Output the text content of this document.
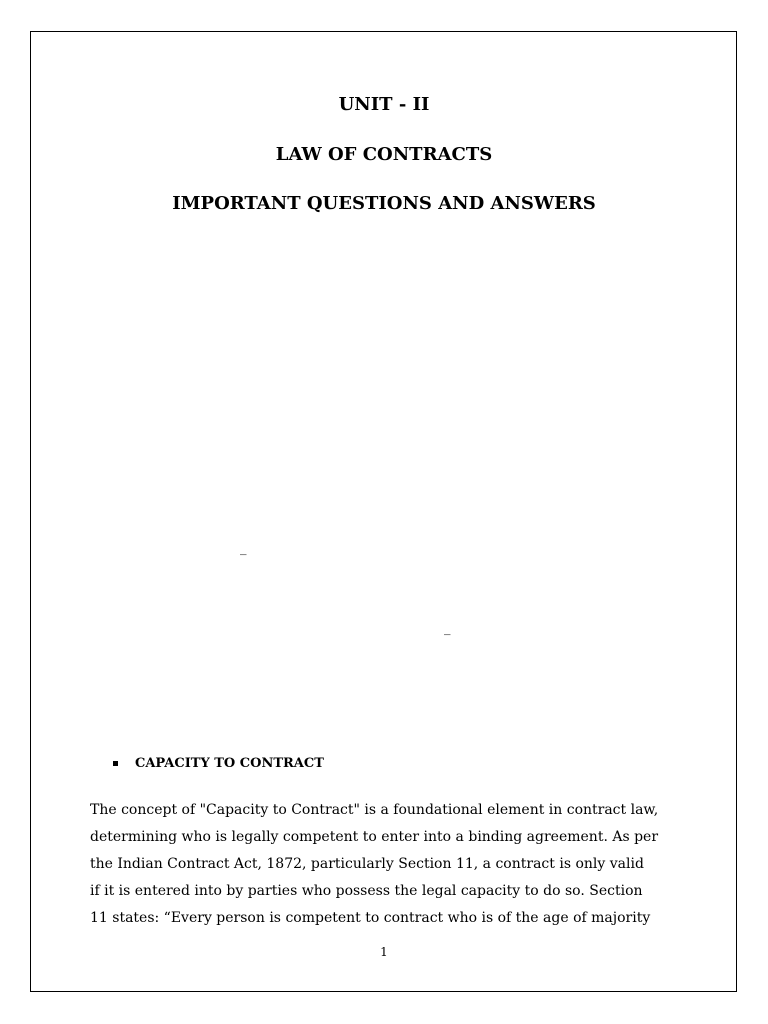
UNIT - II
LAW OF CONTRACTS
IMPORTANT QUESTIONS AND ANSWERS
_
_
CAPACITY TO CONTRACT
The concept of "Capacity to Contract" is a foundational element in contract law,
determining who is legally competent to enter into a binding agreement. As per
the Indian Contract Act, 1872, particularly Section 11, a contract is only valid
if it is entered into by parties who possess the legal capacity to do so. Section
11 states: “Every person is competent to contract who is of the age of majority
1
